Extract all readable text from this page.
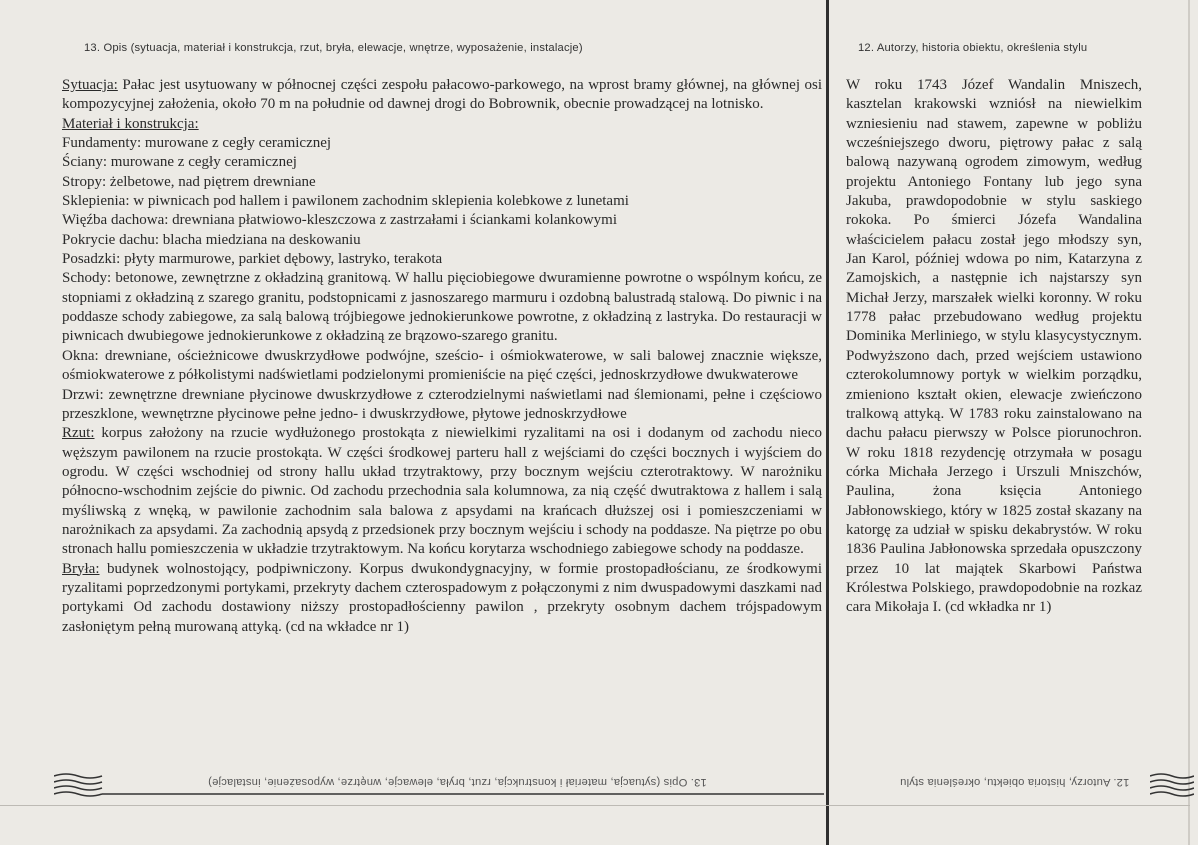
13. Opis (sytuacja, materiał i konstrukcja, rzut, bryła, elewacje, wnętrze, wyposażenie, instalacje)	12. Autorzy, historia obiektu, określenia stylu

Sytuacja: Pałac jest usytuowany w północnej części zespołu pałacowo-parkowego, na wprost bramy głównej, na głównej osi kompozycyjnej założenia, około 70 m na południe od dawnej drogi do Bobrownik, obecnie prowadzącej na lotnisko.

Materiał i konstrukcja:

Fundamenty: murowane z cegły ceramicznej

Ściany: murowane z cegły ceramicznej

Stropy: żelbetowe, nad piętrem drewniane

Sklepienia: w piwnicach pod hallem i pawilonem zachodnim sklepienia kolebkowe z lunetami

Więźba dachowa: drewniana płatwiowo-kleszczowa z zastrzałami i ściankami kolankowymi

Pokrycie dachu: blacha miedziana na deskowaniu

Posadzki: płyty marmurowe, parkiet dębowy, lastryko, terakota

Schody: betonowe, zewnętrzne z okładziną granitową. W hallu pięciobiegowe dwuramienne powrotne o wspólnym końcu, ze stopniami z okładziną z szarego granitu, podstopnicami z jasnoszarego marmuru i ozdobną balustradą stalową. Do piwnic i na poddasze schody zabiegowe, za salą balową trójbiegowe jednokierunkowe powrotne, z okładziną z lastryka. Do restauracji w piwnicach dwubiegowe jednokierunkowe z okładziną ze brązowo-szarego granitu.

Okna: drewniane, ościeżnicowe dwuskrzydłowe podwójne, sześcio- i ośmiokwaterowe, w sali balowej znacznie większe, ośmiokwaterowe z półkolistymi nadświetlami podzielonymi promieniście na pięć części, jednoskrzydłowe dwukwaterowe

Drzwi: zewnętrzne drewniane płycinowe dwuskrzydłowe z czterodzielnymi naświetlami nad ślemionami, pełne i częściowo przeszklone, wewnętrzne płycinowe pełne jedno- i dwuskrzydłowe, płytowe jednoskrzydłowe

Rzut: korpus założony na rzucie wydłużonego prostokąta z niewielkimi ryzalitami na osi i dodanym od zachodu nieco węższym pawilonem na rzucie prostokąta. W części środkowej parteru hall z wejściami do części bocznych i wyjściem do ogrodu. W części wschodniej od strony hallu układ trzytraktowy, przy bocznym wejściu czterotraktowy. W narożniku północno-wschodnim zejście do piwnic. Od zachodu przechodnia sala kolumnowa, za nią część dwutraktowa z hallem i salą myśliwską z wnęką, w pawilonie zachodnim sala balowa z apsydami na krańcach dłuższej osi i pomieszczeniami w narożnikach za apsydami. Za zachodnią apsydą z przedsionek przy bocznym wejściu i schody na poddasze. Na piętrze po obu stronach hallu pomieszczenia w układzie trzytraktowym. Na końcu korytarza wschodniego zabiegowe schody na poddasze.

Bryła: budynek wolnostojący, podpiwniczony. Korpus dwukondygnacyjny, w formie prostopadłościanu, ze środkowymi ryzalitami poprzedzonymi portykami, przekryty dachem czterospadowym z połączonymi z nim dwuspadowymi daszkami nad portykami Od zachodu dostawiony niższy prostopadłościenny pawilon , przekryty osobnym dachem trójspadowym zasłoniętym pełną murowaną attyką. (cd na wkładce nr 1)

W roku 1743 Józef Wandalin Mniszech, kasztelan krakowski wzniósł na niewielkim wzniesieniu nad stawem, zapewne w pobliżu wcześniejszego dworu, piętrowy pałac z salą balową nazywaną ogrodem zimowym, według projektu Antoniego Fontany lub jego syna Jakuba, prawdopodobnie w stylu saskiego rokoka. Po śmierci Józefa Wandalina właścicielem pałacu został jego młodszy syn, Jan Karol, później wdowa po nim, Katarzyna z Zamojskich, a następnie ich najstarszy syn Michał Jerzy, marszałek wielki koronny. W roku 1778 pałac przebudowano według projektu Dominika Merliniego, w stylu klasycystycznym. Podwyższono dach, przed wejściem ustawiono czterokolumnowy portyk w wielkim porządku, zmieniono kształt okien, elewacje zwieńczono tralkową attyką. W 1783 roku zainstalowano na dachu pałacu pierwszy w Polsce piorunochron. W roku 1818 rezydencję otrzymała w posagu córka Michała Jerzego i Urszuli Mniszchów, Paulina, żona księcia Antoniego Jabłonowskiego, który w 1825 został skazany na katorgę za udział w spisku dekabrystów. W roku 1836 Paulina Jabłonowska sprzedała opuszczony przez 10 lat majątek Skarbowi Państwa Królestwa Polskiego, prawdopodobnie na rozkaz cara Mikołaja I. (cd wkładka nr 1)
13. Opis (sytuacja, materiał i konstrukcja, rzut, bryła, elewacje, wnętrze, wyposażenie, instalacje)	12. Autorzy, historia obiektu, określenia stylu
